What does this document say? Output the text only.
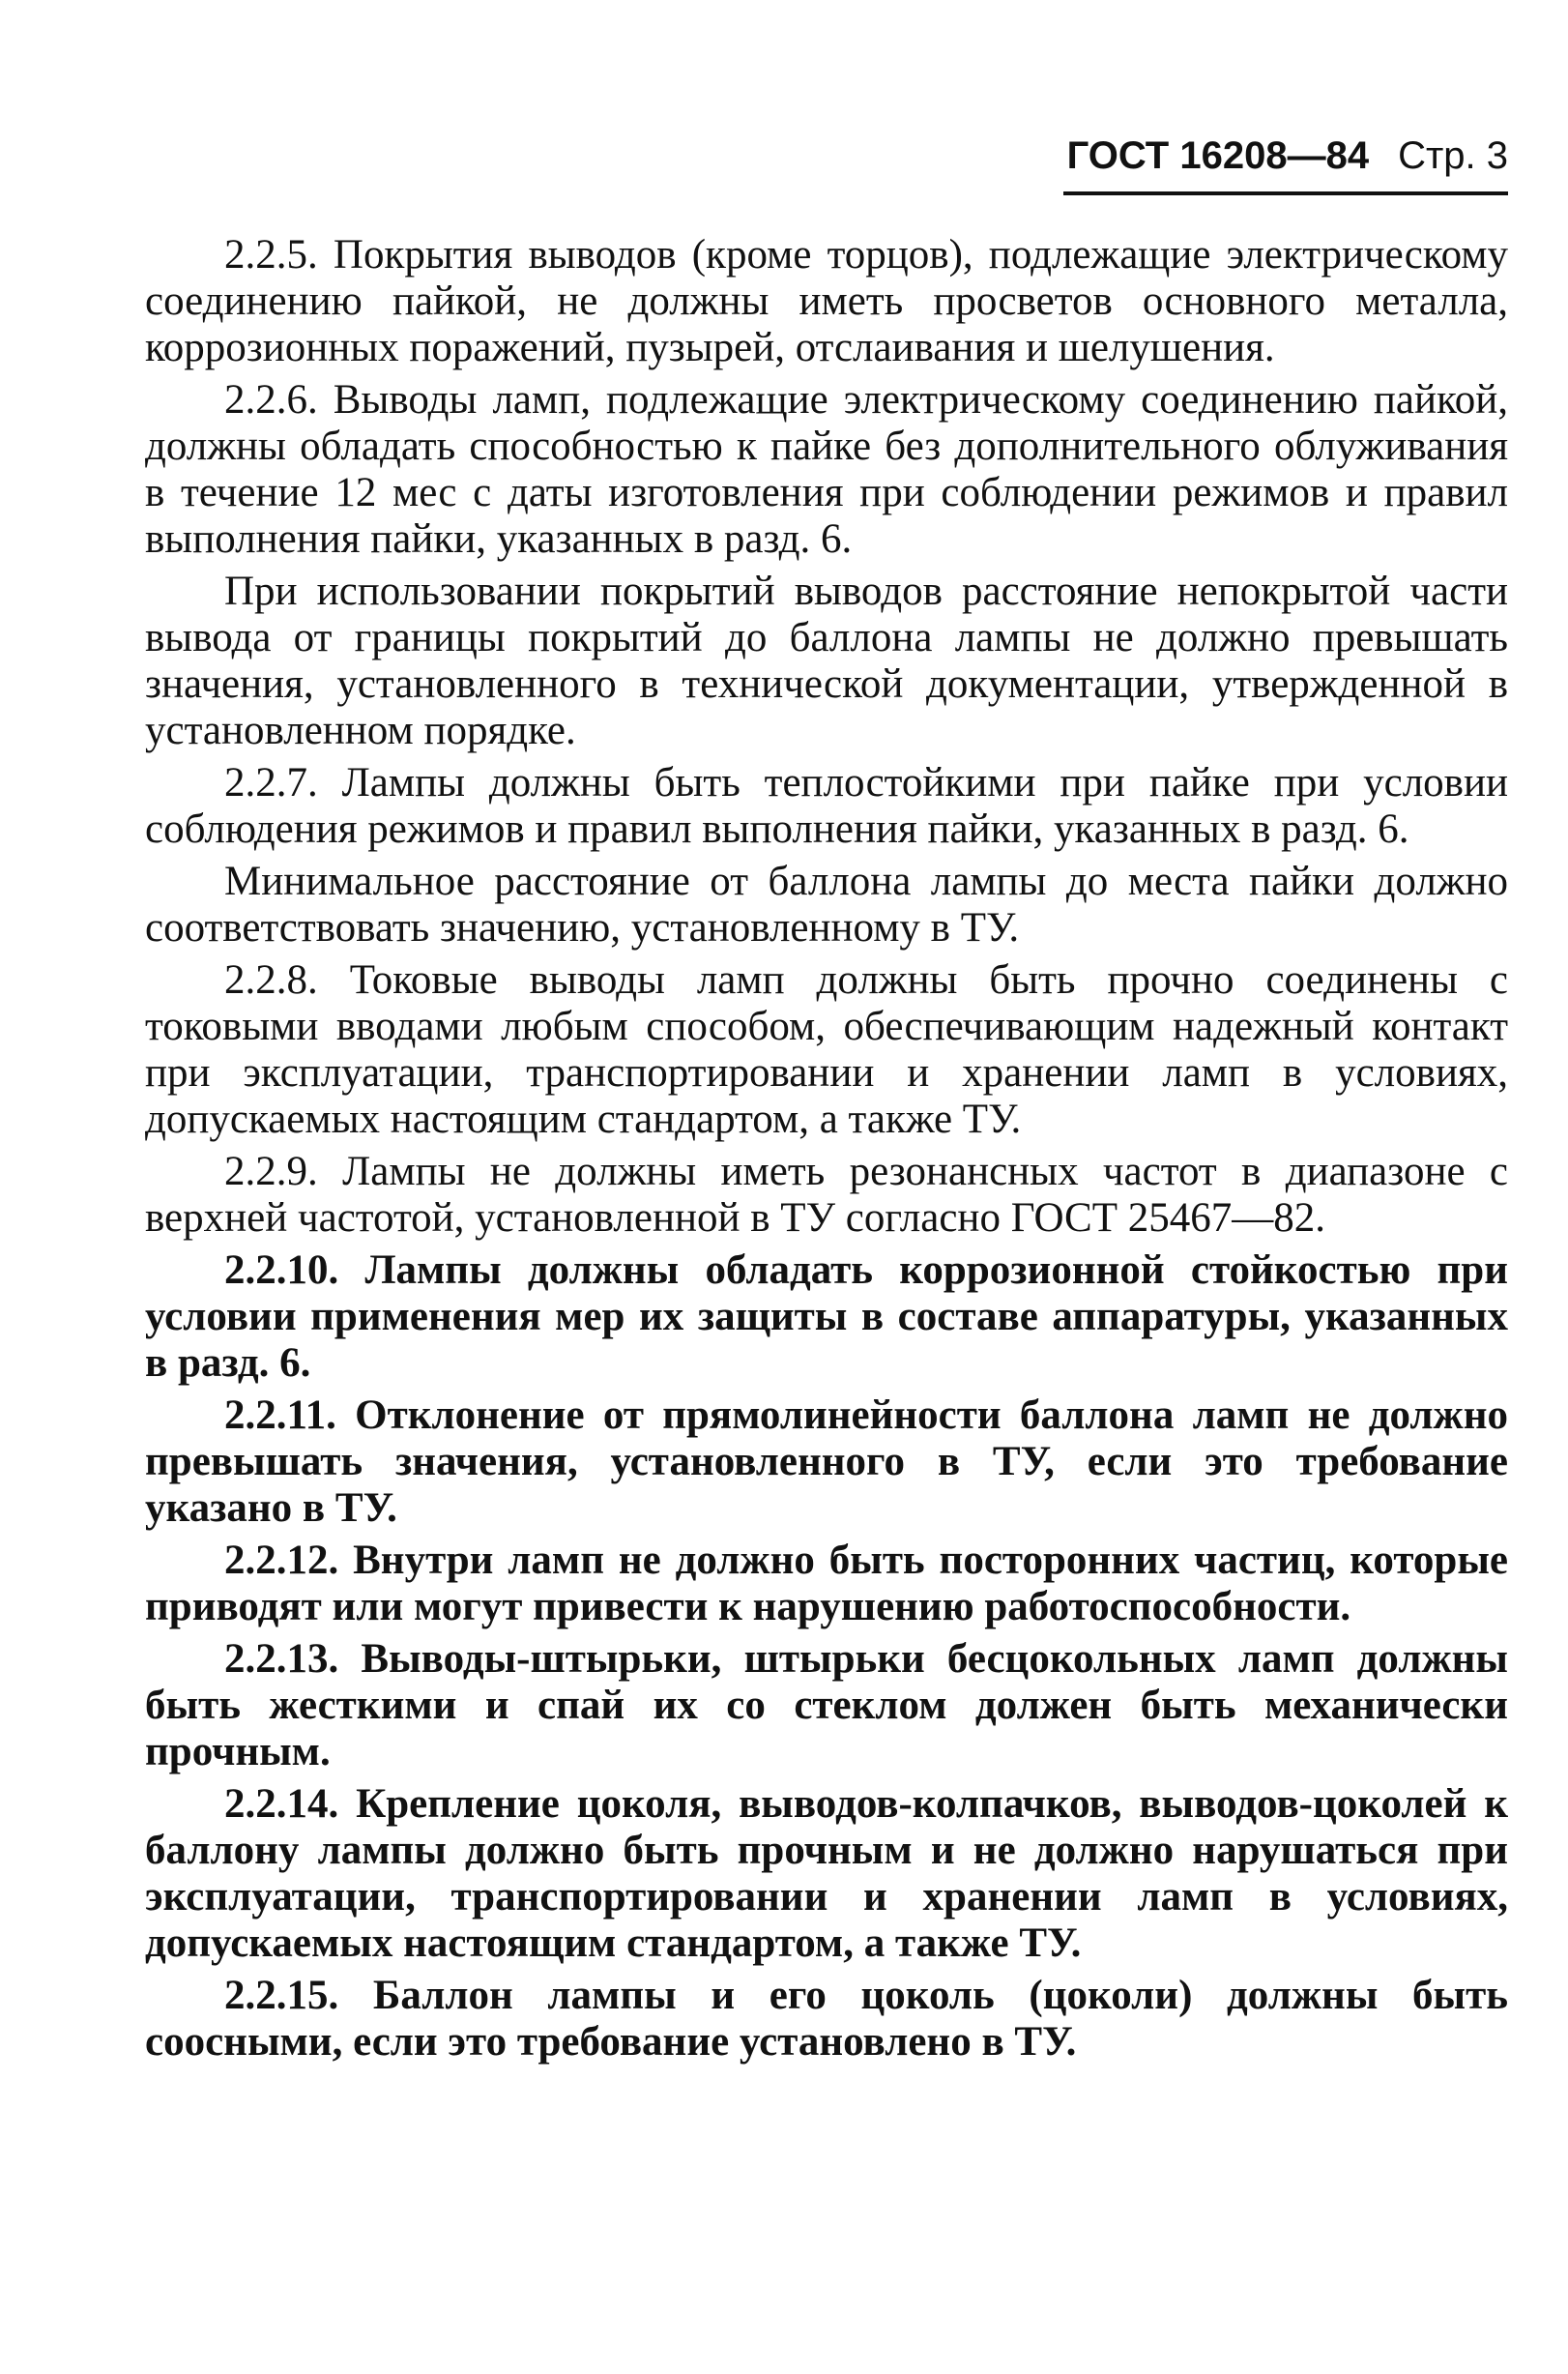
ГОСТ 16208—84 Стр. 3

2.2.5. Покрытия выводов (кроме торцов), подлежащие электрическому соединению пайкой, не должны иметь просветов основного металла, коррозионных поражений, пузырей, отслаивания и шелушения.

2.2.6. Выводы ламп, подлежащие электрическому соединению пайкой, должны обладать способностью к пайке без дополнительного облуживания в течение 12 мес с даты изготовления при соблюдении режимов и правил выполнения пайки, указанных в разд. 6.

При использовании покрытий выводов расстояние непокрытой части вывода от границы покрытий до баллона лампы не должно превышать значения, установленного в технической документации, утвержденной в установленном порядке.

2.2.7. Лампы должны быть теплостойкими при пайке при условии соблюдения режимов и правил выполнения пайки, указанных в разд. 6.

Минимальное расстояние от баллона лампы до места пайки должно соответствовать значению, установленному в ТУ.

2.2.8. Токовые выводы ламп должны быть прочно соединены с токовыми вводами любым способом, обеспечивающим надежный контакт при эксплуатации, транспортировании и хранении ламп в условиях, допускаемых настоящим стандартом, а также ТУ.

2.2.9. Лампы не должны иметь резонансных частот в диапазоне с верхней частотой, установленной в ТУ согласно ГОСТ 25467—82.

2.2.10. Лампы должны обладать коррозионной стойкостью при условии применения мер их защиты в составе аппаратуры, указанных в разд. 6.

2.2.11. Отклонение от прямолинейности баллона ламп не должно превышать значения, установленного в ТУ, если это требование указано в ТУ.

2.2.12. Внутри ламп не должно быть посторонних частиц, которые приводят или могут привести к нарушению работоспособности.

2.2.13. Выводы-штырьки, штырьки бесцокольных ламп должны быть жесткими и спай их со стеклом должен быть механически прочным.

2.2.14. Крепление цоколя, выводов-колпачков, выводов-цоколей к баллону лампы должно быть прочным и не должно нарушаться при эксплуатации, транспортировании и хранении ламп в условиях, допускаемых настоящим стандартом, а также ТУ.

2.2.15. Баллон лампы и его цоколь (цоколи) должны быть соосными, если это требование установлено в ТУ.
